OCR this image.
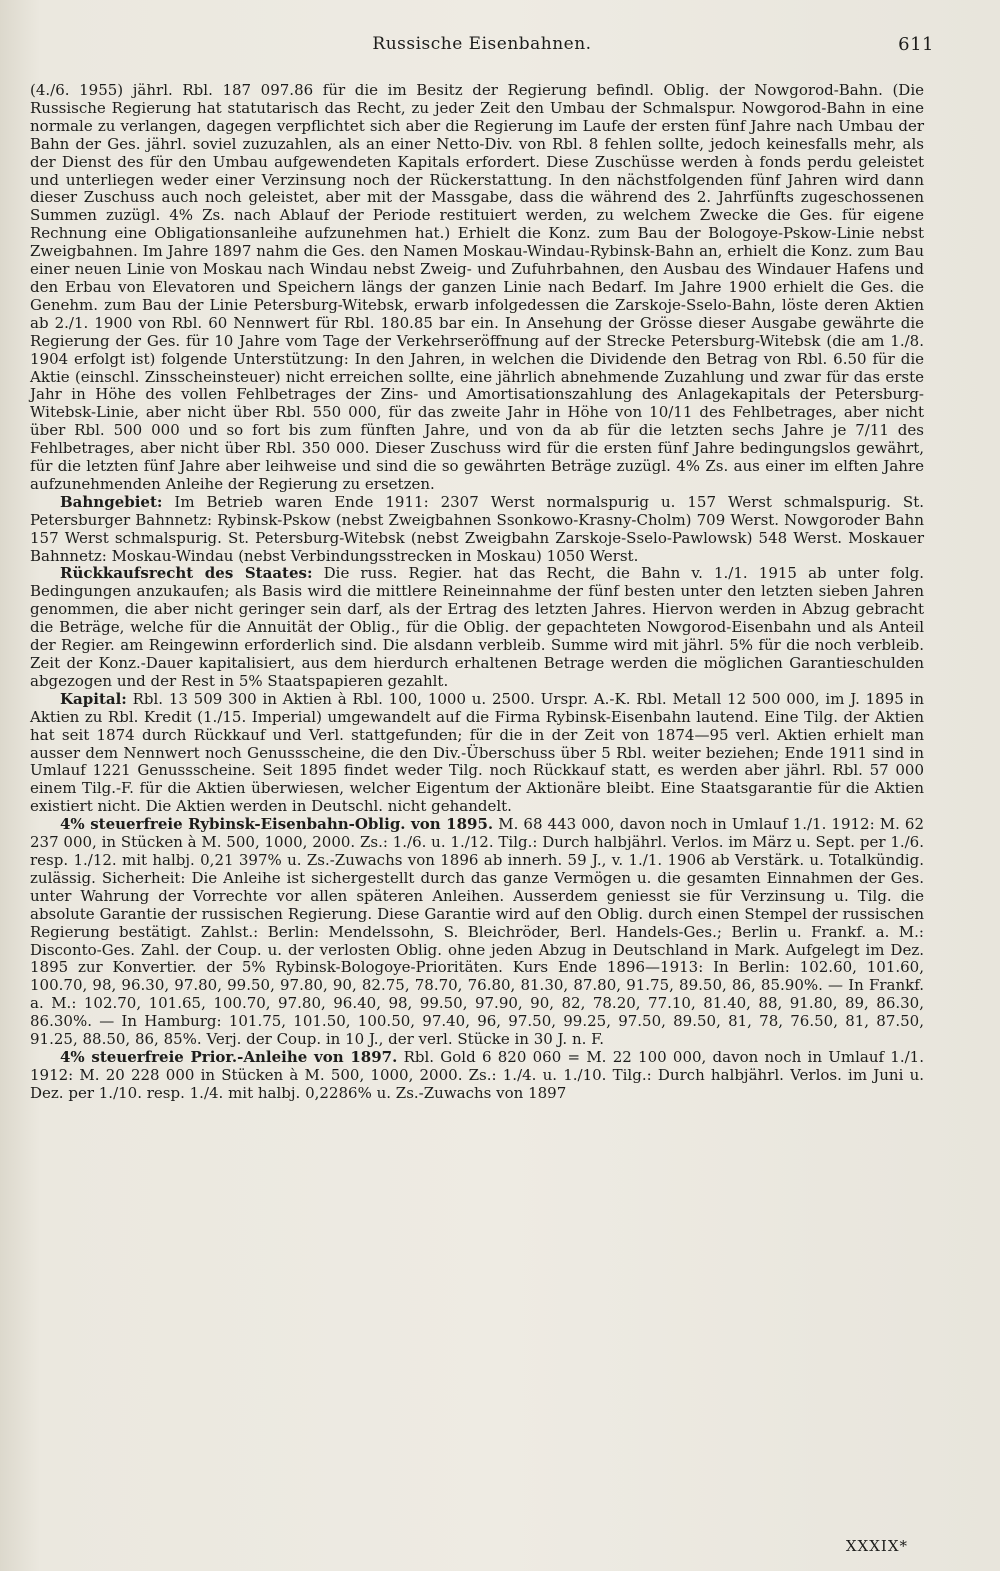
Russische Eisenbahnen.	611

(4./6. 1955) jährl. Rbl. 187 097.86 für die im Besitz der Regierung befindl. Oblig. der Nowgorod-Bahn. (Die Russische Regierung hat statutarisch das Recht, zu jeder Zeit den Umbau der Schmalspur. Nowgorod-Bahn in eine normale zu verlangen, dagegen verpflichtet sich aber die Regierung im Laufe der ersten fünf Jahre nach Umbau der Bahn der Ges. jährl. soviel zuzuzahlen, als an einer Netto-Div. von Rbl. 8 fehlen sollte, jedoch keinesfalls mehr, als der Dienst des für den Umbau aufgewendeten Kapitals erfordert. Diese Zuschüsse werden à fonds perdu geleistet und unterliegen weder einer Verzinsung noch der Rückerstattung. In den nächstfolgenden fünf Jahren wird dann dieser Zuschuss auch noch geleistet, aber mit der Massgabe, dass die während des 2. Jahrfünfts zugeschossenen Summen zuzügl. 4% Zs. nach Ablauf der Periode restituiert werden, zu welchem Zwecke die Ges. für eigene Rechnung eine Obligationsanleihe aufzunehmen hat.) Erhielt die Konz. zum Bau der Bologoye-Pskow-Linie nebst Zweigbahnen. Im Jahre 1897 nahm die Ges. den Namen Moskau-Windau-Rybinsk-Bahn an, erhielt die Konz. zum Bau einer neuen Linie von Moskau nach Windau nebst Zweig- und Zufuhrbahnen, den Ausbau des Windauer Hafens und den Erbau von Elevatoren und Speichern längs der ganzen Linie nach Bedarf. Im Jahre 1900 erhielt die Ges. die Genehm. zum Bau der Linie Petersburg-Witebsk, erwarb infolgedessen die Zarskoje-Sselo-Bahn, löste deren Aktien ab 2./1. 1900 von Rbl. 60 Nennwert für Rbl. 180.85 bar ein. In Ansehung der Grösse dieser Ausgabe gewährte die Regierung der Ges. für 10 Jahre vom Tage der Verkehrseröffnung auf der Strecke Petersburg-Witebsk (die am 1./8. 1904 erfolgt ist) folgende Unterstützung: In den Jahren, in welchen die Dividende den Betrag von Rbl. 6.50 für die Aktie (einschl. Zinsscheinsteuer) nicht erreichen sollte, eine jährlich abnehmende Zuzahlung und zwar für das erste Jahr in Höhe des vollen Fehlbetrages der Zins- und Amortisationszahlung des Anlagekapitals der Petersburg-Witebsk-Linie, aber nicht über Rbl. 550 000, für das zweite Jahr in Höhe von 10/11 des Fehlbetrages, aber nicht über Rbl. 500 000 und so fort bis zum fünften Jahre, und von da ab für die letzten sechs Jahre je 7/11 des Fehlbetrages, aber nicht über Rbl. 350 000. Dieser Zuschuss wird für die ersten fünf Jahre bedingungslos gewährt, für die letzten fünf Jahre aber leihweise und sind die so gewährten Beträge zuzügl. 4% Zs. aus einer im elften Jahre aufzunehmenden Anleihe der Regierung zu ersetzen.

Bahngebiet: Im Betrieb waren Ende 1911: 2307 Werst normalspurig u. 157 Werst schmalspurig. St. Petersburger Bahnnetz: Rybinsk-Pskow (nebst Zweigbahnen Ssonkowo-Krasny-Cholm) 709 Werst. Nowgoroder Bahn 157 Werst schmalspurig. St. Petersburg-Witebsk (nebst Zweigbahn Zarskoje-Sselo-Pawlowsk) 548 Werst. Moskauer Bahnnetz: Moskau-Windau (nebst Verbindungsstrecken in Moskau) 1050 Werst.

Rückkaufsrecht des Staates: Die russ. Regier. hat das Recht, die Bahn v. 1./1. 1915 ab unter folg. Bedingungen anzukaufen; als Basis wird die mittlere Reineinnahme der fünf besten unter den letzten sieben Jahren genommen, die aber nicht geringer sein darf, als der Ertrag des letzten Jahres. Hiervon werden in Abzug gebracht die Beträge, welche für die Annuität der Oblig., für die Oblig. der gepachteten Nowgorod-Eisenbahn und als Anteil der Regier. am Reingewinn erforderlich sind. Die alsdann verbleib. Summe wird mit jährl. 5% für die noch verbleib. Zeit der Konz.-Dauer kapitalisiert, aus dem hierdurch erhaltenen Betrage werden die möglichen Garantieschulden abgezogen und der Rest in 5% Staatspapieren gezahlt.

Kapital: Rbl. 13 509 300 in Aktien à Rbl. 100, 1000 u. 2500. Urspr. A.-K. Rbl. Metall 12 500 000, im J. 1895 in Aktien zu Rbl. Kredit (1./15. Imperial) umgewandelt auf die Firma Rybinsk-Eisenbahn lautend. Eine Tilg. der Aktien hat seit 1874 durch Rückkauf und Verl. stattgefunden; für die in der Zeit von 1874—95 verl. Aktien erhielt man ausser dem Nennwert noch Genussscheine, die den Div.-Überschuss über 5 Rbl. weiter beziehen; Ende 1911 sind in Umlauf 1221 Genussscheine. Seit 1895 findet weder Tilg. noch Rückkauf statt, es werden aber jährl. Rbl. 57 000 einem Tilg.-F. für die Aktien überwiesen, welcher Eigentum der Aktionäre bleibt. Eine Staatsgarantie für die Aktien existiert nicht. Die Aktien werden in Deutschl. nicht gehandelt.

4% steuerfreie Rybinsk-Eisenbahn-Oblig. von 1895. M. 68 443 000, davon noch in Umlauf 1./1. 1912: M. 62 237 000, in Stücken à M. 500, 1000, 2000. Zs.: 1./6. u. 1./12. Tilg.: Durch halbjährl. Verlos. im März u. Sept. per 1./6. resp. 1./12. mit halbj. 0,21 397% u. Zs.-Zuwachs von 1896 ab innerh. 59 J., v. 1./1. 1906 ab Verstärk. u. Totalkündig. zulässig. Sicherheit: Die Anleihe ist sichergestellt durch das ganze Vermögen u. die gesamten Einnahmen der Ges. unter Wahrung der Vorrechte vor allen späteren Anleihen. Ausserdem geniesst sie für Verzinsung u. Tilg. die absolute Garantie der russischen Regierung. Diese Garantie wird auf den Oblig. durch einen Stempel der russischen Regierung bestätigt. Zahlst.: Berlin: Mendelssohn, S. Bleichröder, Berl. Handels-Ges.; Berlin u. Frankf. a. M.: Disconto-Ges. Zahl. der Coup. u. der verlosten Oblig. ohne jeden Abzug in Deutschland in Mark. Aufgelegt im Dez. 1895 zur Konvertier. der 5% Rybinsk-Bologoye-Prioritäten. Kurs Ende 1896—1913: In Berlin: 102.60, 101.60, 100.70, 98, 96.30, 97.80, 99.50, 97.80, 90, 82.75, 78.70, 76.80, 81.30, 87.80, 91.75, 89.50, 86, 85.90%. — In Frankf. a. M.: 102.70, 101.65, 100.70, 97.80, 96.40, 98, 99.50, 97.90, 90, 82, 78.20, 77.10, 81.40, 88, 91.80, 89, 86.30, 86.30%. — In Hamburg: 101.75, 101.50, 100.50, 97.40, 96, 97.50, 99.25, 97.50, 89.50, 81, 78, 76.50, 81, 87.50, 91.25, 88.50, 86, 85%. Verj. der Coup. in 10 J., der verl. Stücke in 30 J. n. F.

4% steuerfreie Prior.-Anleihe von 1897. Rbl. Gold 6 820 060 = M. 22 100 000, davon noch in Umlauf 1./1. 1912: M. 20 228 000 in Stücken à M. 500, 1000, 2000. Zs.: 1./4. u. 1./10. Tilg.: Durch halbjährl. Verlos. im Juni u. Dez. per 1./10. resp. 1./4. mit halbj. 0,2286% u. Zs.-Zuwachs von 1897

XXXIX*
